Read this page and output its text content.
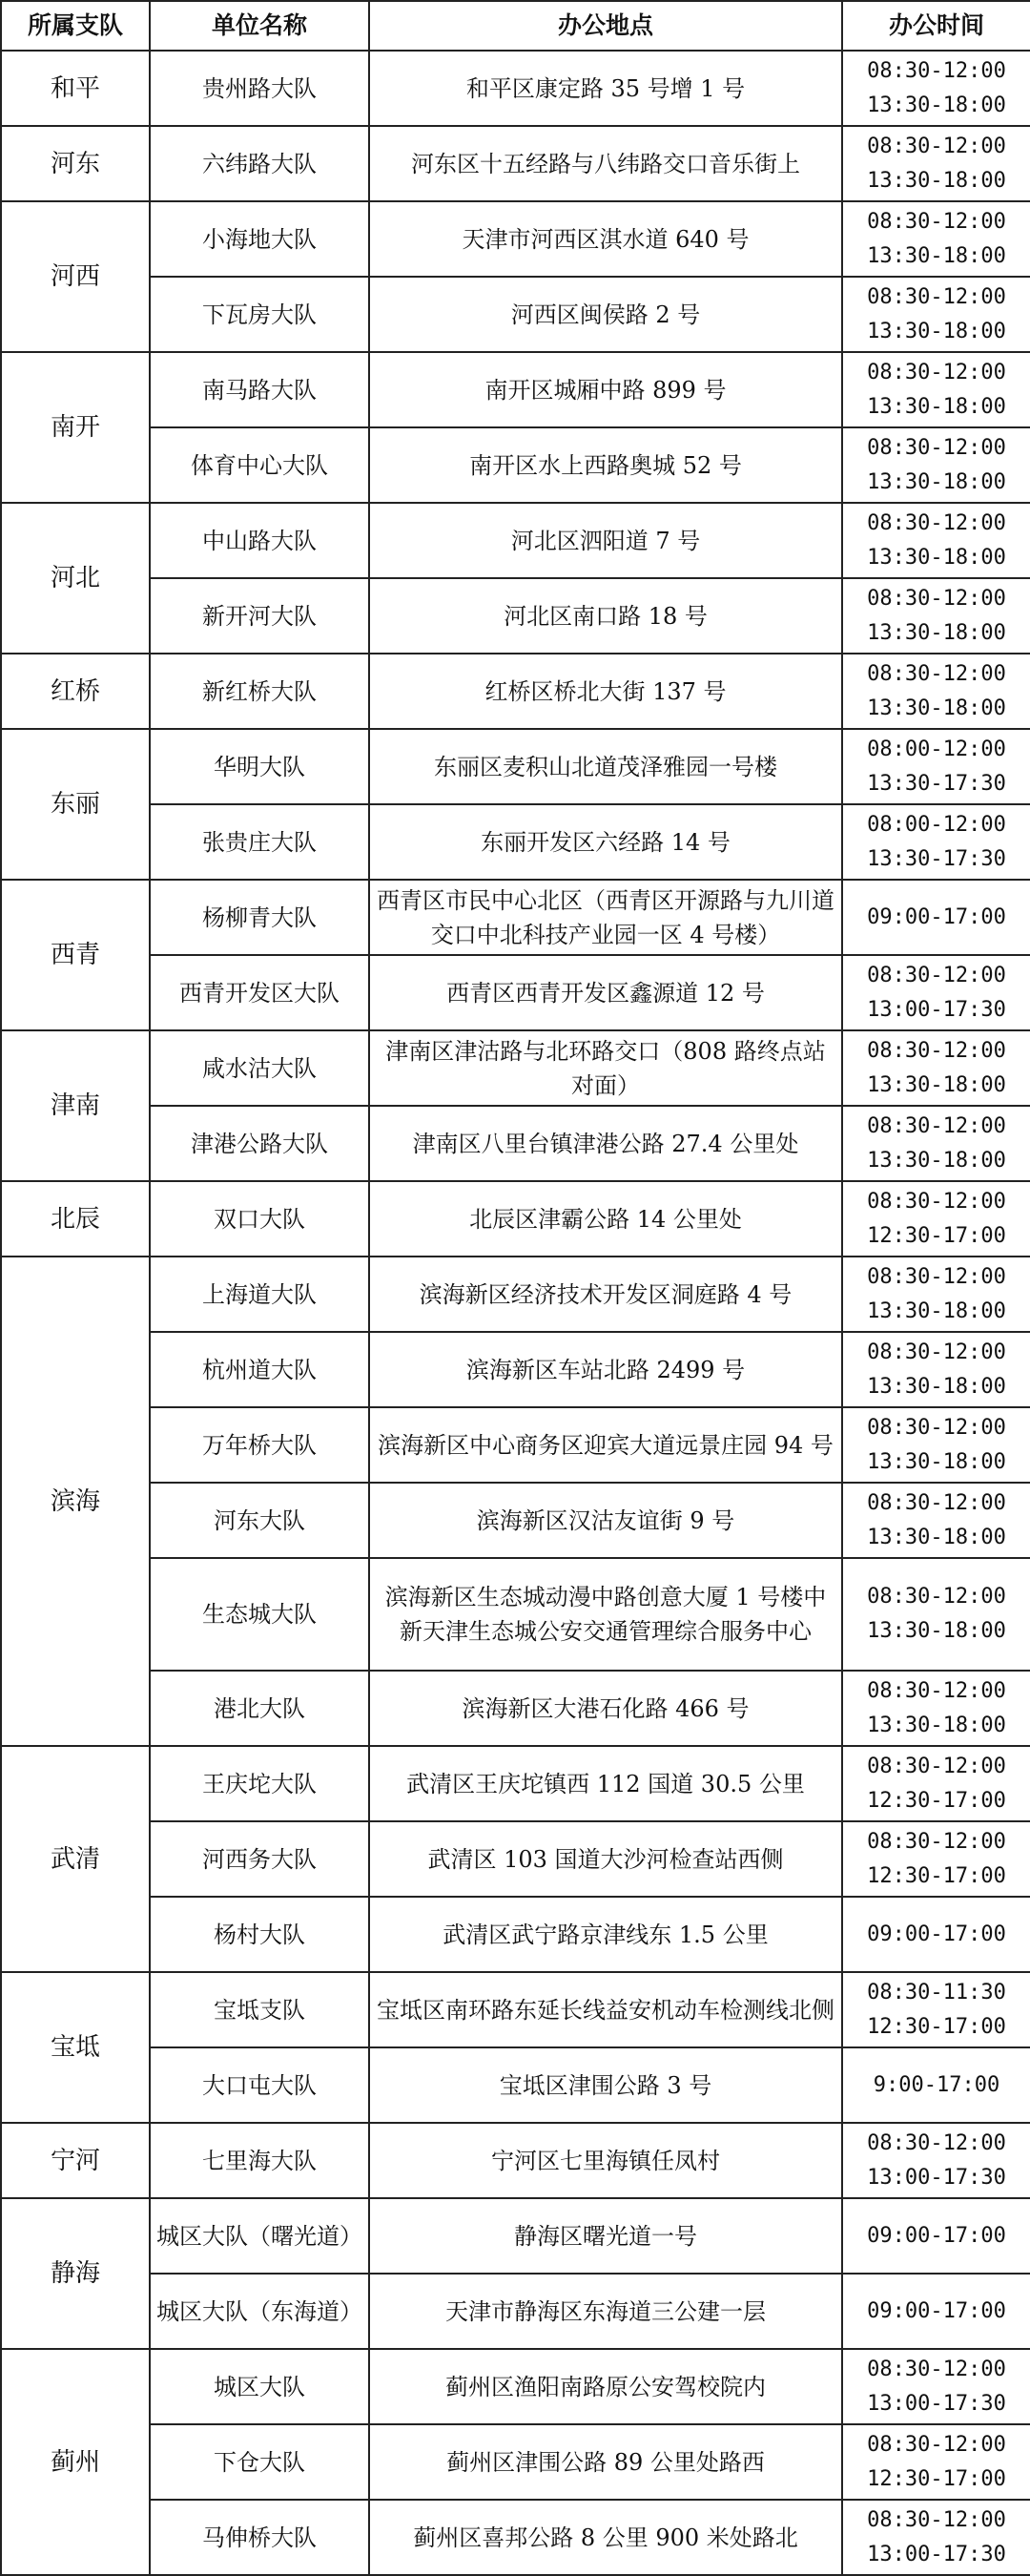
所属支队	单位名称	办公地点	办公时间
和平	贵州路大队	和平区康定路 35 号增 1 号	08:30-12:00
13:30-18:00

河东	六纬路大队	河东区十五经路与八纬路交口音乐街上	08:30-12:00
13:30-18:00

河西	小海地大队	天津市河西区淇水道 640 号	08:30-12:00
13:30-18:00

	下瓦房大队	河西区闽侯路 2 号	08:30-12:00
13:30-18:00

南开	南马路大队	南开区城厢中路 899 号	08:30-12:00
13:30-18:00

	体育中心大队	南开区水上西路奥城 52 号	08:30-12:00
13:30-18:00

河北	中山路大队	河北区泗阳道 7 号	08:30-12:00
13:30-18:00

	新开河大队	河北区南口路 18 号	08:30-12:00
13:30-18:00

红桥	新红桥大队	红桥区桥北大街 137 号	08:30-12:00
13:30-18:00

东丽	华明大队	东丽区麦积山北道茂泽雅园一号楼	08:00-12:00
13:30-17:30

	张贵庄大队	东丽开发区六经路 14 号	08:00-12:00
13:30-17:30

西青	杨柳青大队	西青区市民中心北区（西青区开源路与九川道交口中北科技产业园一区 4 号楼）	09:00-17:00

	西青开发区大队	西青区西青开发区鑫源道 12 号	08:30-12:00
13:00-17:30

津南	咸水沽大队	津南区津沽路与北环路交口（808 路终点站对面）	08:30-12:00
13:30-18:00

	津港公路大队	津南区八里台镇津港公路 27.4 公里处	08:30-12:00
13:30-18:00

北辰	双口大队	北辰区津霸公路 14 公里处	08:30-12:00
12:30-17:00

滨海	上海道大队	滨海新区经济技术开发区洞庭路 4 号	08:30-12:00
13:30-18:00

	杭州道大队	滨海新区车站北路 2499 号	08:30-12:00
13:30-18:00

	万年桥大队	滨海新区中心商务区迎宾大道远景庄园 94 号	08:30-12:00
13:30-18:00

	河东大队	滨海新区汉沽友谊街 9 号	08:30-12:00
13:30-18:00

	生态城大队	滨海新区生态城动漫中路创意大厦 1 号楼中新天津生态城公安交通管理综合服务中心	08:30-12:00
13:30-18:00

	港北大队	滨海新区大港石化路 466 号	08:30-12:00
13:30-18:00

武清	王庆坨大队	武清区王庆坨镇西 112 国道 30.5 公里	08:30-12:00
12:30-17:00

	河西务大队	武清区 103 国道大沙河检查站西侧	08:30-12:00
12:30-17:00

	杨村大队	武清区武宁路京津线东 1.5 公里	09:00-17:00

宝坻	宝坻支队	宝坻区南环路东延长线益安机动车检测线北侧	08:30-11:30
12:30-17:00

	大口屯大队	宝坻区津围公路 3 号	9:00-17:00

宁河	七里海大队	宁河区七里海镇任凤村	08:30-12:00
13:00-17:30

静海	城区大队（曙光道）	静海区曙光道一号	09:00-17:00

	城区大队（东海道）	天津市静海区东海道三公建一层	09:00-17:00

蓟州	城区大队	蓟州区渔阳南路原公安驾校院内	08:30-12:00
13:00-17:30

	下仓大队	蓟州区津围公路 89 公里处路西	08:30-12:00
12:30-17:00

	马伸桥大队	蓟州区喜邦公路 8 公里 900 米处路北	08:30-12:00
13:00-17:30
